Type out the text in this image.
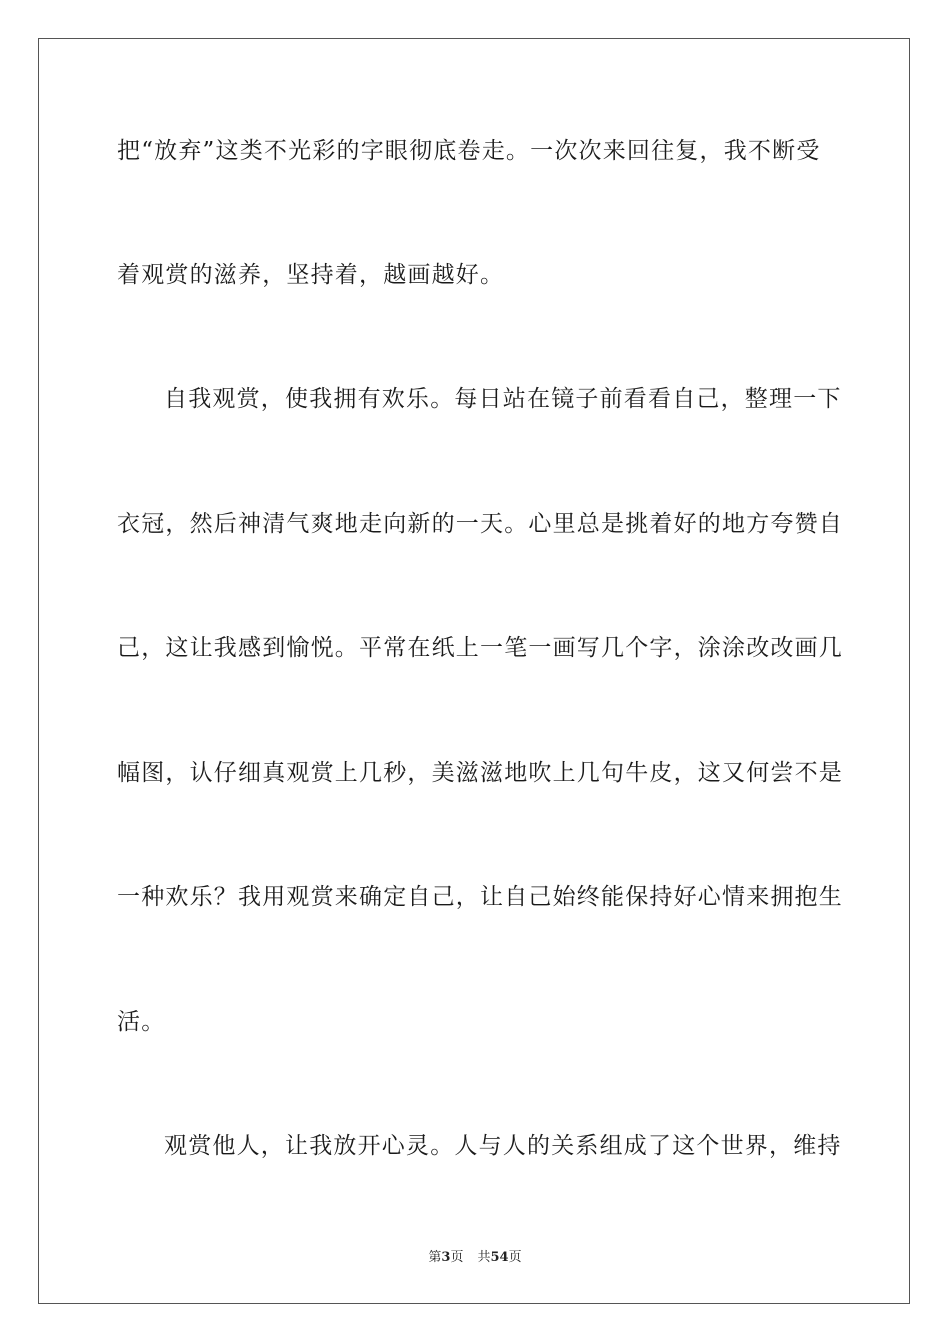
把“放弃”这类不光彩的字眼彻底卷走。一次次来回往复，我不断受
着观赏的滋养，坚持着，越画越好。
自我观赏，使我拥有欢乐。每日站在镜子前看看自己，整理一下
衣冠，然后神清气爽地走向新的一天。心里总是挑着好的地方夸赞自
己，这让我感到愉悦。平常在纸上一笔一画写几个字，涂涂改改画几
幅图，认仔细真观赏上几秒，美滋滋地吹上几句牛皮，这又何尝不是
一种欢乐？我用观赏来确定自己，让自己始终能保持好心情来拥抱生
活。
观赏他人，让我放开心灵。人与人的关系组成了这个世界，维持
第3页 共54页
